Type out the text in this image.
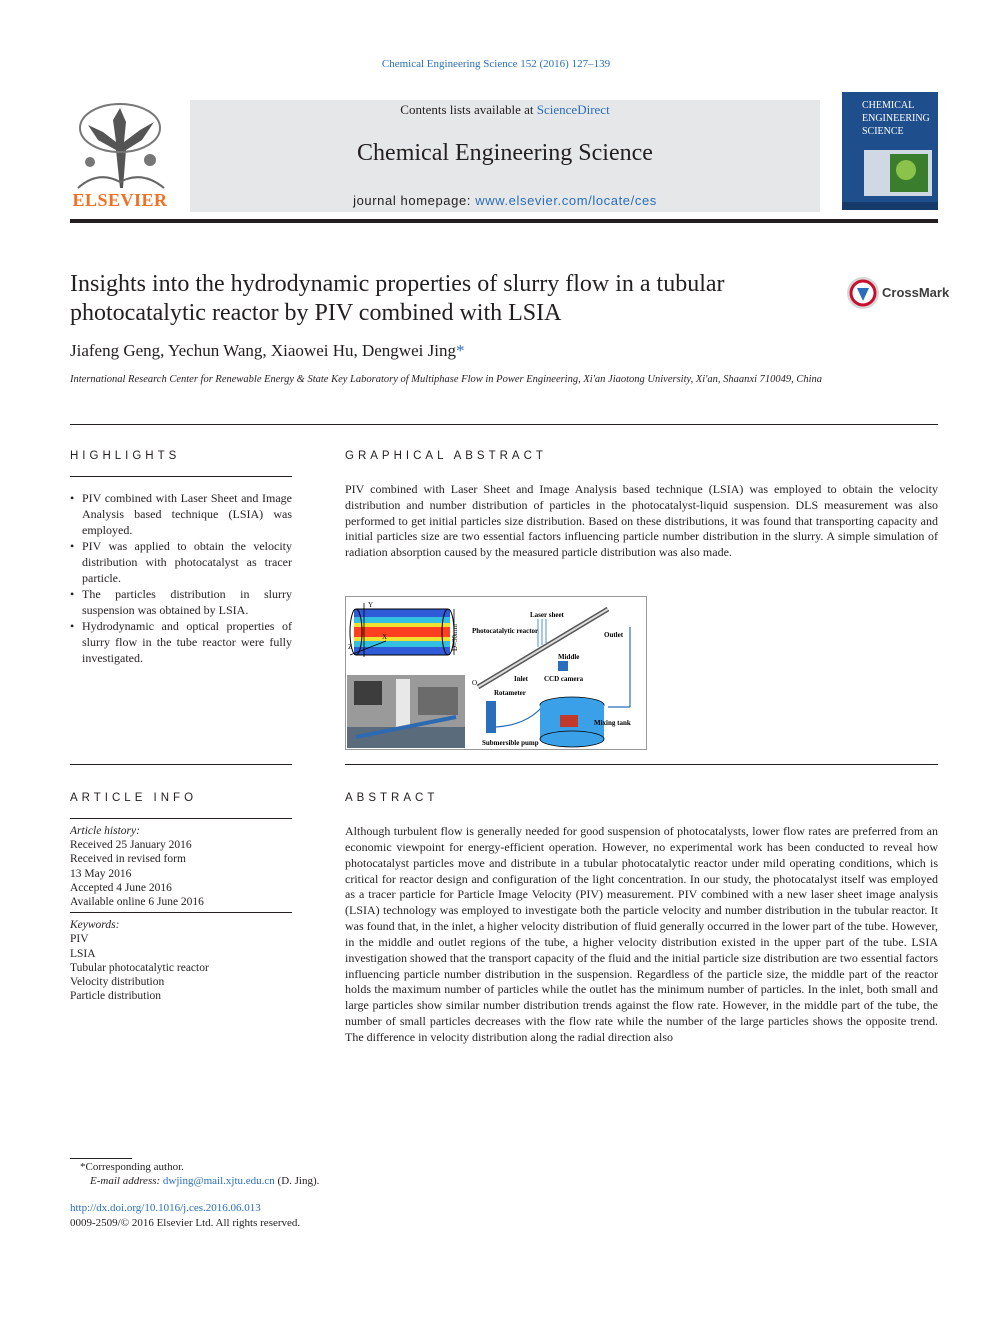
Chemical Engineering Science 152 (2016) 127–139
ELSEVIER
Contents lists available at ScienceDirect
Chemical Engineering Science
journal homepage: www.elsevier.com/locate/ces
CHEMICAL ENGINEERING SCIENCE
Insights into the hydrodynamic properties of slurry flow in a tubular photocatalytic reactor by PIV combined with LSIA
CrossMark
Jiafeng Geng, Yechun Wang, Xiaowei Hu, Dengwei Jing*
International Research Center for Renewable Energy & State Key Laboratory of Multiphase Flow in Power Engineering, Xi'an Jiaotong University, Xi'an, Shaanxi 710049, China
HIGHLIGHTS
• PIV combined with Laser Sheet and Image Analysis based technique (LSIA) was employed.
• PIV was applied to obtain the velocity distribution with photocatalyst as tracer particle.
• The particles distribution in slurry suspension was obtained by LSIA.
• Hydrodynamic and optical properties of slurry flow in the tube reactor were fully investigated.
GRAPHICAL ABSTRACT
PIV combined with Laser Sheet and Image Analysis based technique (LSIA) was employed to obtain the velocity distribution and number distribution of particles in the photocatalyst-liquid suspension. DLS measurement was also performed to get initial particles size distribution. Based on these distributions, it was found that transporting capacity and initial particles size are two essential factors influencing particle number distribution in the slurry. A simple simulation of radiation absorption caused by the measured particle distribution was also made.
Y
Z
X	D=30mm
Laser sheet
Photocatalytic reactor	Outlet
Middle
Inlet CCD camera
O
Rotameter
Mixing tank
Submersible pump
ARTICLE INFO
Article history:
Received 25 January 2016
Received in revised form
13 May 2016
Accepted 4 June 2016
Available online 6 June 2016
Keywords:
PIV
LSIA
Tubular photocatalytic reactor
Velocity distribution
Particle distribution
ABSTRACT
Although turbulent flow is generally needed for good suspension of photocatalysts, lower flow rates are preferred from an economic viewpoint for energy-efficient operation. However, no experimental work has been conducted to reveal how photocatalyst particles move and distribute in a tubular photocatalytic reactor under mild operating conditions, which is critical for reactor design and configuration of the light concentration. In our study, the photocatalyst itself was employed as a tracer particle for Particle Image Velocity (PIV) measurement. PIV combined with a new laser sheet image analysis (LSIA) technology was employed to investigate both the particle velocity and number distribution in the tubular reactor. It was found that, in the inlet, a higher velocity distribution of fluid generally occurred in the lower part of the tube. However, in the middle and outlet regions of the tube, a higher velocity distribution existed in the upper part of the tube. LSIA investigation showed that the transport capacity of the fluid and the initial particle size distribution are two essential factors influencing particle number distribution in the suspension. Regardless of the particle size, the middle part of the reactor holds the maximum number of particles while the outlet has the minimum number of particles. In the inlet, both small and large particles show similar number distribution trends against the flow rate. However, in the middle part of the tube, the number of small particles decreases with the flow rate while the number of the large particles shows the opposite trend. The difference in velocity distribution along the radial direction also
*Corresponding author.
E-mail address: dwjing@mail.xjtu.edu.cn (D. Jing).
http://dx.doi.org/10.1016/j.ces.2016.06.013
0009-2509/© 2016 Elsevier Ltd. All rights reserved.
